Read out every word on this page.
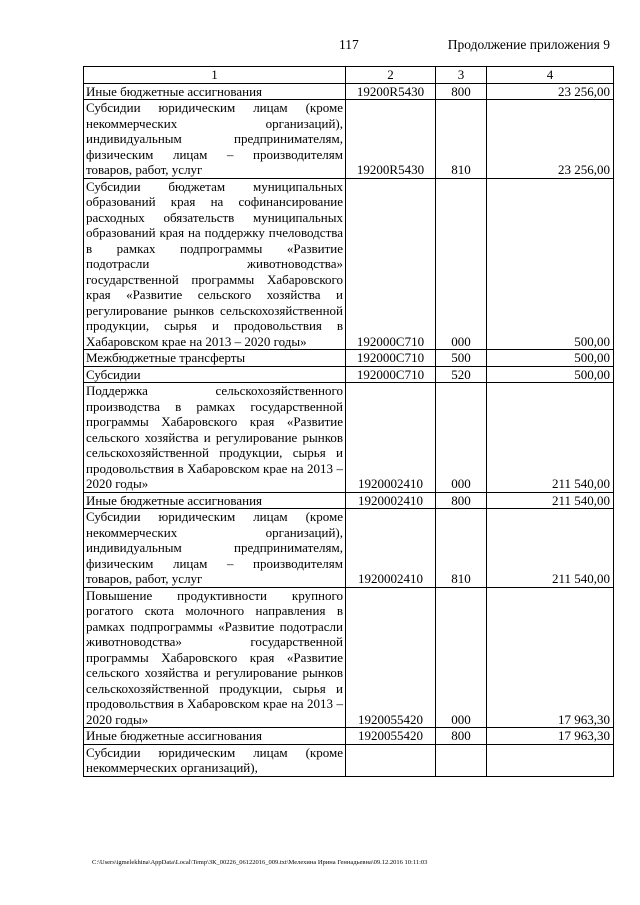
117	Продолжение приложения 9
1	2	3	4
Иные бюджетные ассигнования	19200R5430	800	23 256,00
Субсидии юридическим лицам (кроме некоммерческих организаций), индивидуальным предпринимателям, физическим лицам – производителям товаров, работ, услуг	19200R5430	810	23 256,00
Субсидии бюджетам муниципальных образований края на софинансирование расходных обязательств муниципальных образований края на поддержку пчеловодства в рамках подпрограммы «Развитие подотрасли животноводства» государственной программы Хабаровского края «Развитие сельского хозяйства и регулирование рынков сельскохозяйственной продукции, сырья и продовольствия в Хабаровском крае на 2013 – 2020 годы»	192000C710	000	500,00
Межбюджетные трансферты	192000C710	500	500,00
Субсидии	192000C710	520	500,00
Поддержка сельскохозяйственного производства в рамках государственной программы Хабаровского края «Развитие сельского хозяйства и регулирование рынков сельскохозяйственной продукции, сырья и продовольствия в Хабаровском крае на 2013 – 2020 годы»	1920002410	000	211 540,00
Иные бюджетные ассигнования	1920002410	800	211 540,00
Субсидии юридическим лицам (кроме некоммерческих организаций), индивидуальным предпринимателям, физическим лицам – производителям товаров, работ, услуг	1920002410	810	211 540,00
Повышение продуктивности крупного рогатого скота молочного направления в рамках подпрограммы «Развитие подотрасли животноводства» государственной программы Хабаровского края «Развитие сельского хозяйства и регулирование рынков сельскохозяйственной продукции, сырья и продовольствия в Хабаровском крае на 2013 – 2020 годы»	1920055420	000	17 963,30
Иные бюджетные ассигнования	1920055420	800	17 963,30
Субсидии юридическим лицам (кроме некоммерческих организаций),			
C:\Users\igmelekhina\AppData\Local\Temp\ЗК_00226_06122016_009.txt\Мелехина Ирина Геннадьевна\09.12.2016 10:11:03
